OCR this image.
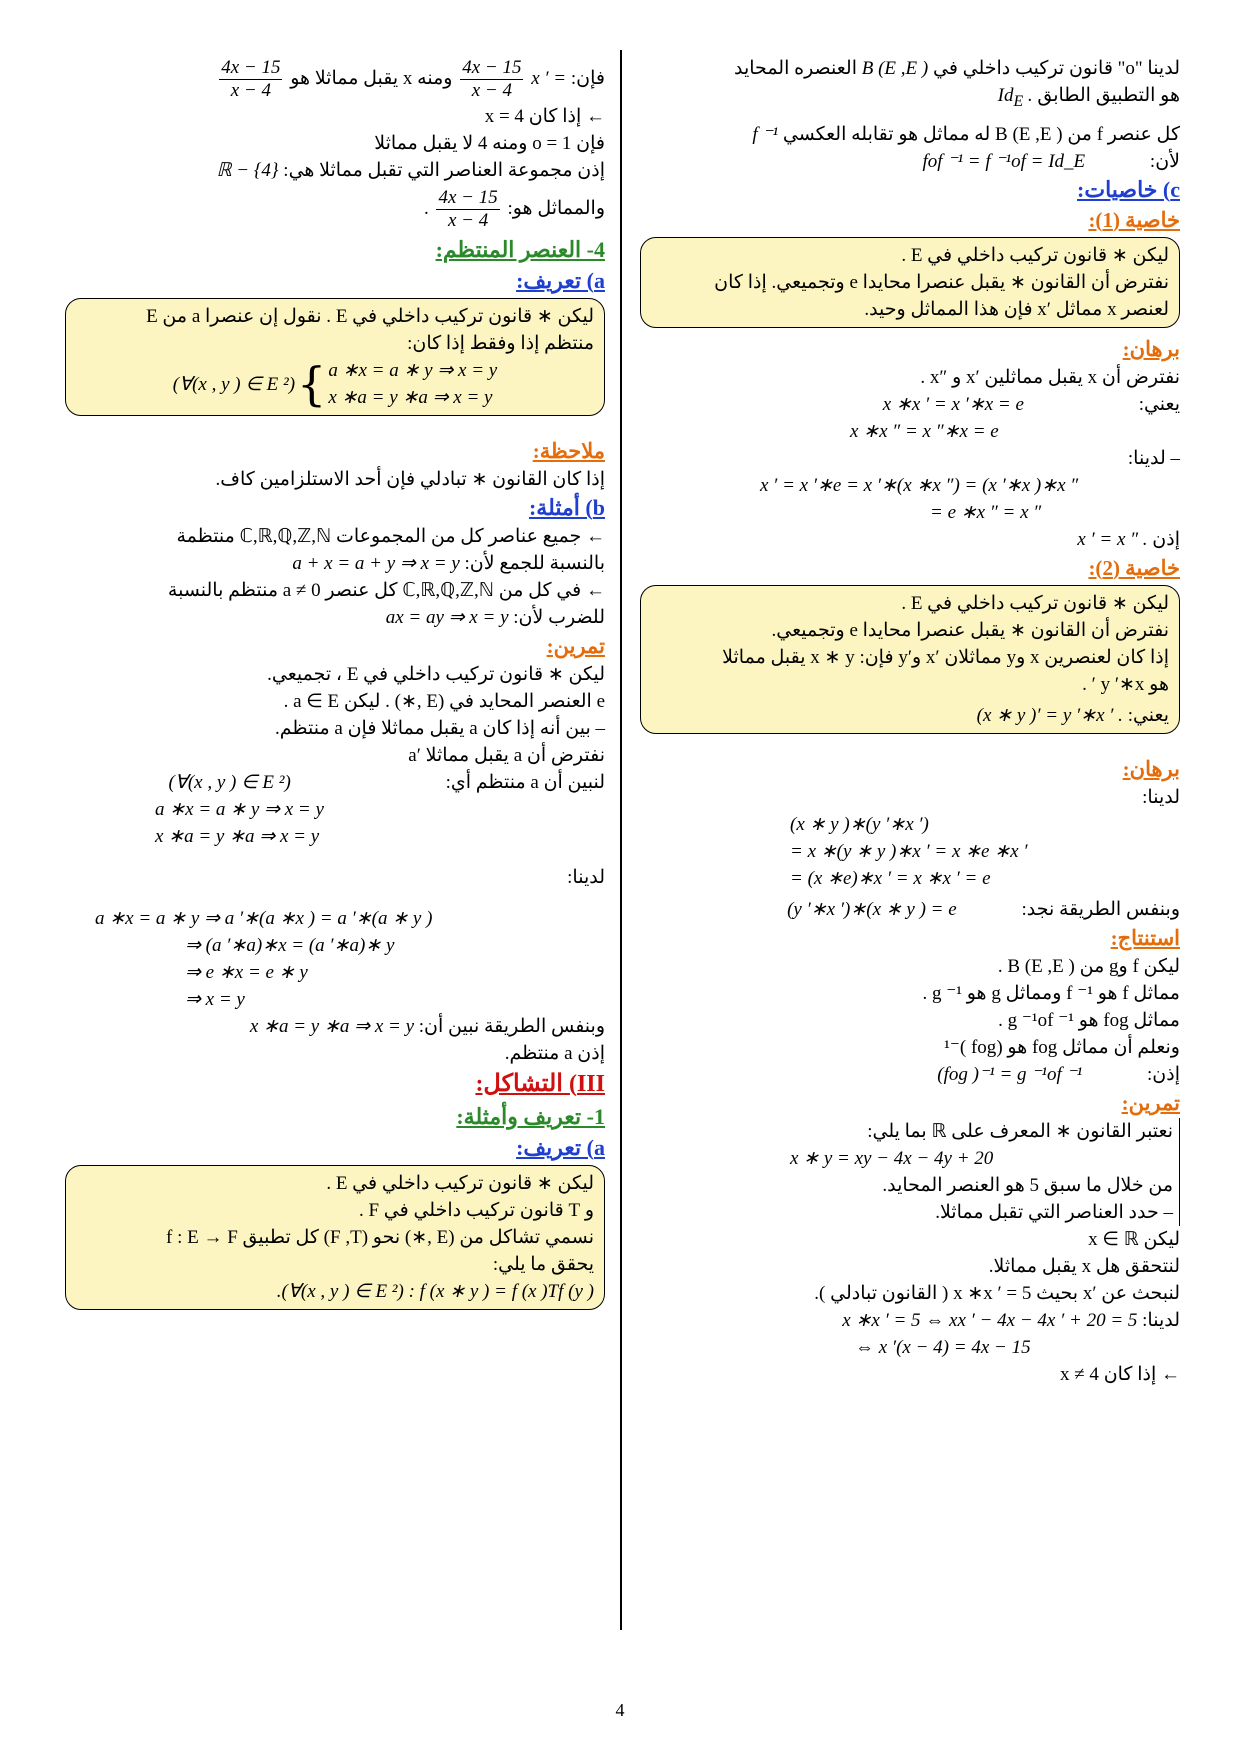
لدينا "o" قانون تركيب داخلي في B (E ,E ) العنصره المحايد

هو التطبيق الطابق $Id_E$ .

كل عنصر f من B (E ,E ) له مماثل هو تقابله العكسي f ⁻¹

لأن: fof ⁻¹ = f ⁻¹of = Id_E

c) خاصيات:

خاصية (1):

ليكن ∗ قانون تركيب داخلي في E .

نفترض أن القانون ∗ يقبل عنصرا محايدا e وتجميعي. إذا كان

لعنصر x مماثل ′x فإن هذا المماثل وحيد.

برهان:

نفترض أن x يقبل مماثلين ′x و ″x .

يعني: x ∗x ′ = x ′∗x = e

x ∗x ″ = x ″∗x = e

– لدينا:

x ′ = x ′∗e = x ′∗(x ∗x ″) = (x ′∗x )∗x ″

= e ∗x ″ = x ″

إذن x ′ = x ″ .

خاصية (2):

ليكن ∗ قانون تركيب داخلي في E .

نفترض أن القانون ∗ يقبل عنصرا محايدا e وتجميعي.

إذا كان لعنصرين x وy مماثلان ′x و′y فإن: x ∗ y يقبل مماثلا

هو y ′∗x ′ .

يعني: (x ∗ y )′ = y ′∗x ′ .

برهان:

لدينا:

(x ∗ y )∗(y ′∗x ′)

= x ∗(y ∗ y )∗x ′ = x ∗e ∗x ′

= (x ∗e)∗x ′ = x ∗x ′ = e

وبنفس الطريقة نجد: (y ′∗x ′)∗(x ∗ y ) = e

استنتاج:

ليكن f وg من B (E ,E ) .

مماثل f هو f ⁻¹ ومماثل g هو g ⁻¹ .

مماثل fog هو g ⁻¹of ⁻¹ .

ونعلم أن مماثل fog هو (fog )⁻¹

إذن: (fog )⁻¹ = g ⁻¹of ⁻¹

تمرين:

نعتبر القانون ∗ المعرف على ℝ بما يلي:

x ∗ y = xy − 4x − 4y + 20

من خلال ما سبق 5 هو العنصر المحايد.

– حدد العناصر التي تقبل مماثلا.

ليكن x ∈ ℝ

لنتحقق هل x يقبل مماثلا.

لنبحث عن ′x بحيث x ∗x ′ = 5 ( القانون تبادلي ).

لدينا: x ∗x ′ = 5 ⇔ xx ′ − 4x − 4x ′ + 20 = 5

⇔ x ′(x − 4) = 4x − 15

← إذا كان x ≠ 4

فإن: x ′ =
$\frac{4x - 15}{x - 4}$
ومنه x يقبل مماثلا هو
$\frac{4x - 15}{x - 4}$

← إذا كان x = 4

فإن o = 1 ومنه 4 لا يقبل مماثلا

إذن مجموعة العناصر التي تقبل مماثلا هي: ℝ − {4}

والمماثل هو:
$\frac{4x - 15}{x - 4}$
.

4- العنصر المنتظم:

a) تعريف:

ليكن ∗ قانون تركيب داخلي في E . نقول إن عنصرا a من E

منتظم إذا وفقط إذا كان:

(∀(x , y ) ∈ E ²) { a ∗x = a ∗ y ⇒ x = y
x ∗a = y ∗a ⇒ x = y

ملاحظة:

إذا كان القانون ∗ تبادلي فإن أحد الاستلزامين كاف.

b) أمثلة:

← جميع عناصر كل من المجموعات ℂ,ℝ,ℚ,ℤ,ℕ منتظمة

بالنسبة للجمع لأن: a + x = a + y ⇒ x = y

← في كل من ℂ,ℝ,ℚ,ℤ,ℕ كل عنصر a ≠ 0 منتظم بالنسبة

للضرب لأن: ax = ay ⇒ x = y

تمرين:

ليكن ∗ قانون تركيب داخلي في E ، تجميعي.

e العنصر المحايد في (E ,∗) . ليكن a ∈ E .

– بين أنه إذا كان a يقبل مماثلا فإن a منتظم.

نفترض أن a يقبل مماثلا ′a

لنبين أن a منتظم أي: (∀(x , y ) ∈ E ²)

a ∗x = a ∗ y ⇒ x = y

x ∗a = y ∗a ⇒ x = y

لدينا:

a ∗x = a ∗ y ⇒ a ′∗(a ∗x ) = a ′∗(a ∗ y )

⇒ (a ′∗a)∗x = (a ′∗a)∗ y

⇒ e ∗x = e ∗ y

⇒ x = y

وبنفس الطريقة نبين أن: x ∗a = y ∗a ⇒ x = y

إذن a منتظم.

III) التشاكل:

1- تعريف وأمثلة:

a) تعريف:

ليكن ∗ قانون تركيب داخلي في E .

و T قانون تركيب داخلي في F .

نسمي تشاكل من (E ,∗) نحو (F ,T) كل تطبيق f : E → F

يحقق ما يلي:

.(∀(x , y ) ∈ E ²) : f (x ∗ y ) = f (x )Tf (y )

4
